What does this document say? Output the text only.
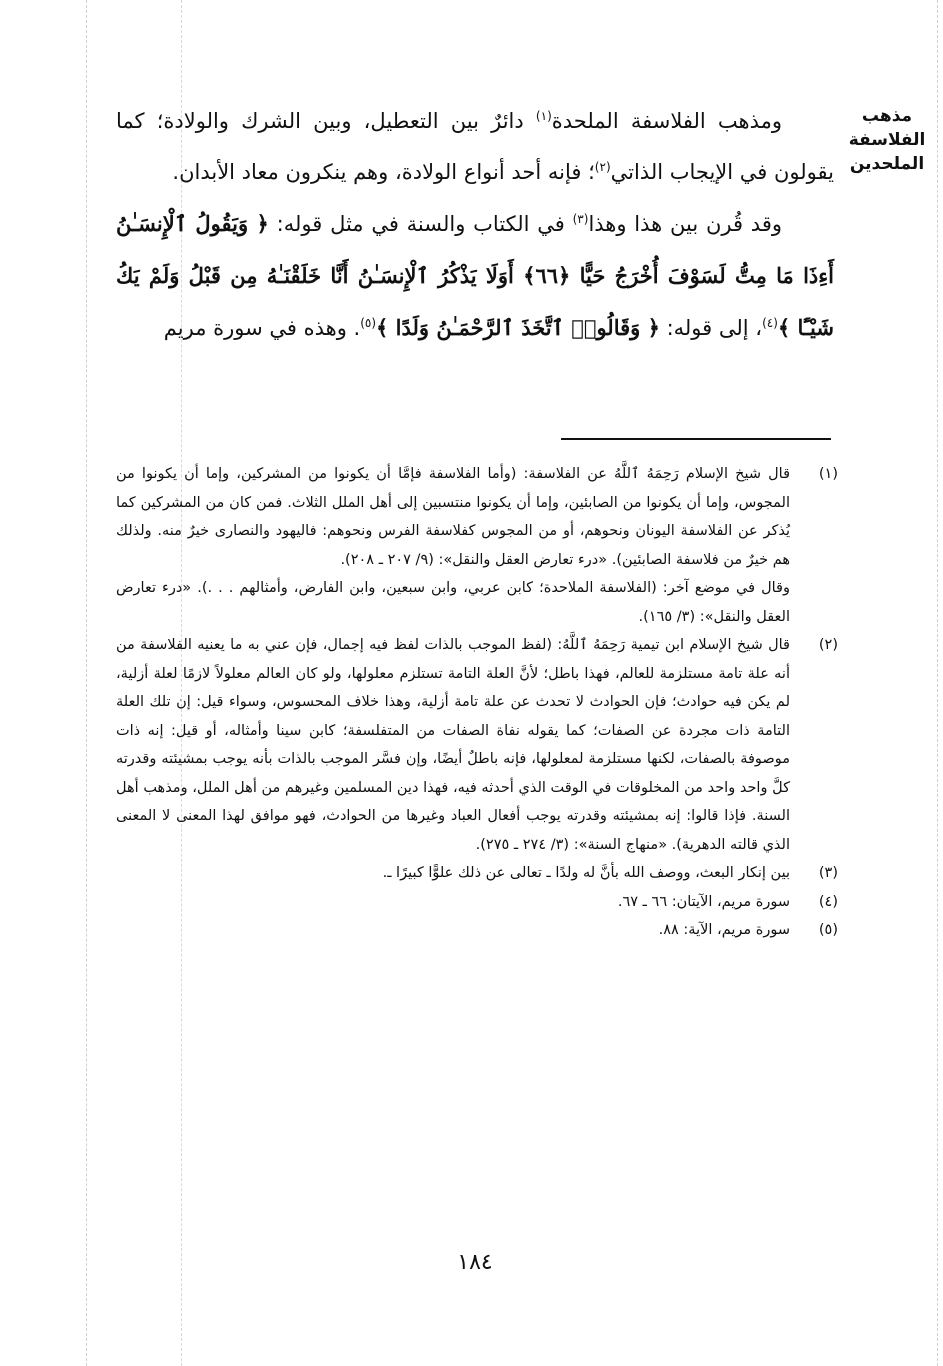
مذهب الفلاسفة الملحدين

ومذهب الفلاسفة الملحدة$^{(١)}$ دائرٌ بين التعطيل، وبين الشرك والولادة؛ كما يقولون في الإيجاب الذاتي$^{(٢)}$؛ فإنه أحد أنواع الولادة، وهم ينكرون معاد الأبدان.

وقد قُرن بين هذا وهذا$^{(٣)}$ في الكتاب والسنة في مثل قوله: ﴿ وَيَقُولُ ٱلْإِنسَـٰنُ أَءِذَا مَا مِتُّ لَسَوْفَ أُخْرَجُ حَيًّا ﴿٦٦﴾ أَوَلَا يَذْكُرُ ٱلْإِنسَـٰنُ أَنَّا خَلَقْنَـٰهُ مِن قَبْلُ وَلَمْ يَكُ شَيْـًٔا ﴾$^{(٤)}$، إلى قوله: ﴿ وَقَالُوا۟ ٱتَّخَذَ ٱلرَّحْمَـٰنُ وَلَدًا ﴾$^{(٥)}$. وهذه في سورة مريم

(١)
قال شيخ الإسلام رَحِمَهُ ٱللَّهُ عن الفلاسفة: (وأما الفلاسفة فإمَّا أن يكونوا من المشركين، وإما أن يكونوا من المجوس، وإما أن يكونوا من الصابئين، وإما أن يكونوا منتسبين إلى أهل الملل الثلاث. فمن كان من المشركين كما يُذكر عن الفلاسفة اليونان ونحوهم، أو من المجوس كفلاسفة الفرس ونحوهم: فاليهود والنصارى خيرٌ منه. ولذلك هم خيرٌ من فلاسفة الصابئين). «درء تعارض العقل والنقل»: (٩/ ٢٠٧ ـ ٢٠٨).
وقال في موضع آخر: (الفلاسفة الملاحدة؛ كابن عربي، وابن سبعين، وابن الفارض، وأمثالهم . . .). «درء تعارض العقل والنقل»: (٣/ ١٦٥).
(٢)
قال شيخ الإسلام ابن تيمية رَحِمَهُ ٱللَّهُ: (لفظ الموجب بالذات لفظ فيه إجمال، فإن عني به ما يعنيه الفلاسفة من أنه علة تامة مستلزمة للعالم، فهذا باطل؛ لأنَّ العلة التامة تستلزم معلولها، ولو كان العالم معلولاً لازمًا لعلة أزلية، لم يكن فيه حوادث؛ فإن الحوادث لا تحدث عن علة تامة أزلية، وهذا خلاف المحسوس، وسواء قيل: إن تلك العلة التامة ذات مجردة عن الصفات؛ كما يقوله نفاة الصفات من المتفلسفة؛ كابن سينا وأمثاله، أو قيل: إنه ذات موصوفة بالصفات، لكنها مستلزمة لمعلولها، فإنه باطلٌ أيضًا، وإن فسَّر الموجب بالذات بأنه يوجب بمشيئته وقدرته كلَّ واحد واحد من المخلوقات في الوقت الذي أحدثه فيه، فهذا دين المسلمين وغيرهم من أهل الملل، ومذهب أهل السنة. فإذا قالوا: إنه بمشيئته وقدرته يوجب أفعال العباد وغيرها من الحوادث، فهو موافق لهذا المعنى لا المعنى الذي قالته الدهرية). «منهاج السنة»: (٣/ ٢٧٤ ـ ٢٧٥).
(٣)
بين إنكار البعث، ووصف الله بأنَّ له ولدًا ـ تعالى عن ذلك علوًّا كبيرًا ـ.
(٤)
سورة مريم، الآيتان: ٦٦ ـ ٦٧.
(٥)
سورة مريم، الآية: ٨٨.
١٨٤
